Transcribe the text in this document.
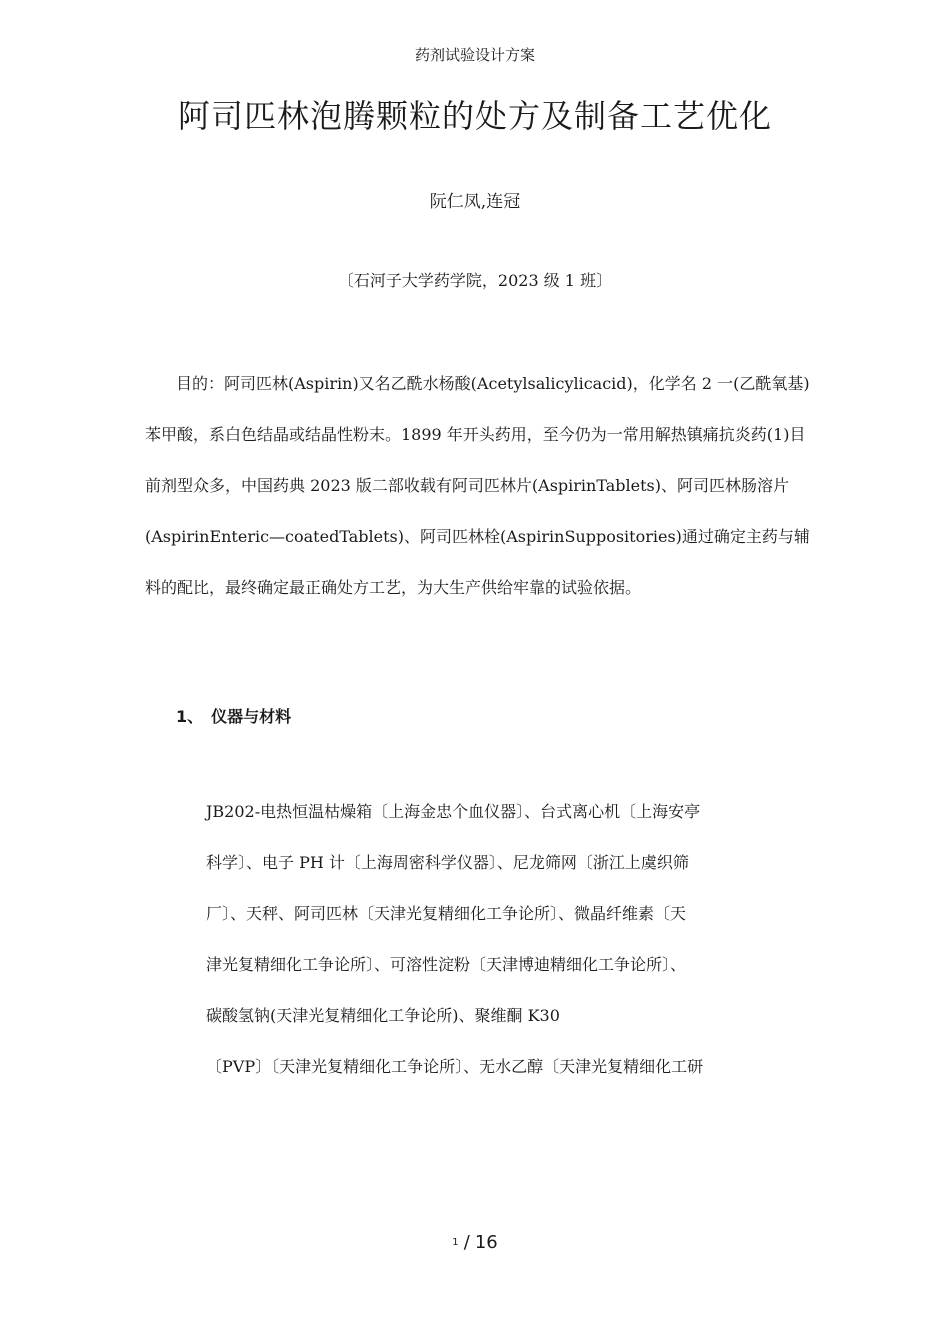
药剂试验设计方案
阿司匹林泡腾颗粒的处方及制备工艺优化
阮仁凤,连冠
〔石河子大学药学院，2023 级 1 班〕

目的：阿司匹林(Aspirin)又名乙酰水杨酸(Acetylsalicylicacid)，化学名 2 一(乙酰氧基)苯甲酸，系白色结晶或结晶性粉末。1899 年开头药用，至今仍为一常用解热镇痛抗炎药(1)目前剂型众多，中国药典 2023 版二部收载有阿司匹林片(AspirinTablets)、阿司匹林肠溶片(AspirinEnteric—coatedTablets)、阿司匹林栓(AspirinSuppositories)通过确定主药与辅料的配比，最终确定最正确处方工艺，为大生产供给牢靠的试验依据。

1、 仪器与材料

JB202-电热恒温枯燥箱〔上海金忠个血仪器〕、台式离心机〔上海安亭
科学〕、电子 PH 计〔上海周密科学仪器〕、尼龙筛网〔浙江上虞织筛
厂〕、天秤、阿司匹林〔天津光复精细化工争论所〕、微晶纤维素〔天
津光复精细化工争论所〕、可溶性淀粉〔天津博迪精细化工争论所〕、
碳酸氢钠(天津光复精细化工争论所)、聚维酮 K30
〔PVP〕〔天津光复精细化工争论所〕、无水乙醇〔天津光复精细化工研

1 / 16
